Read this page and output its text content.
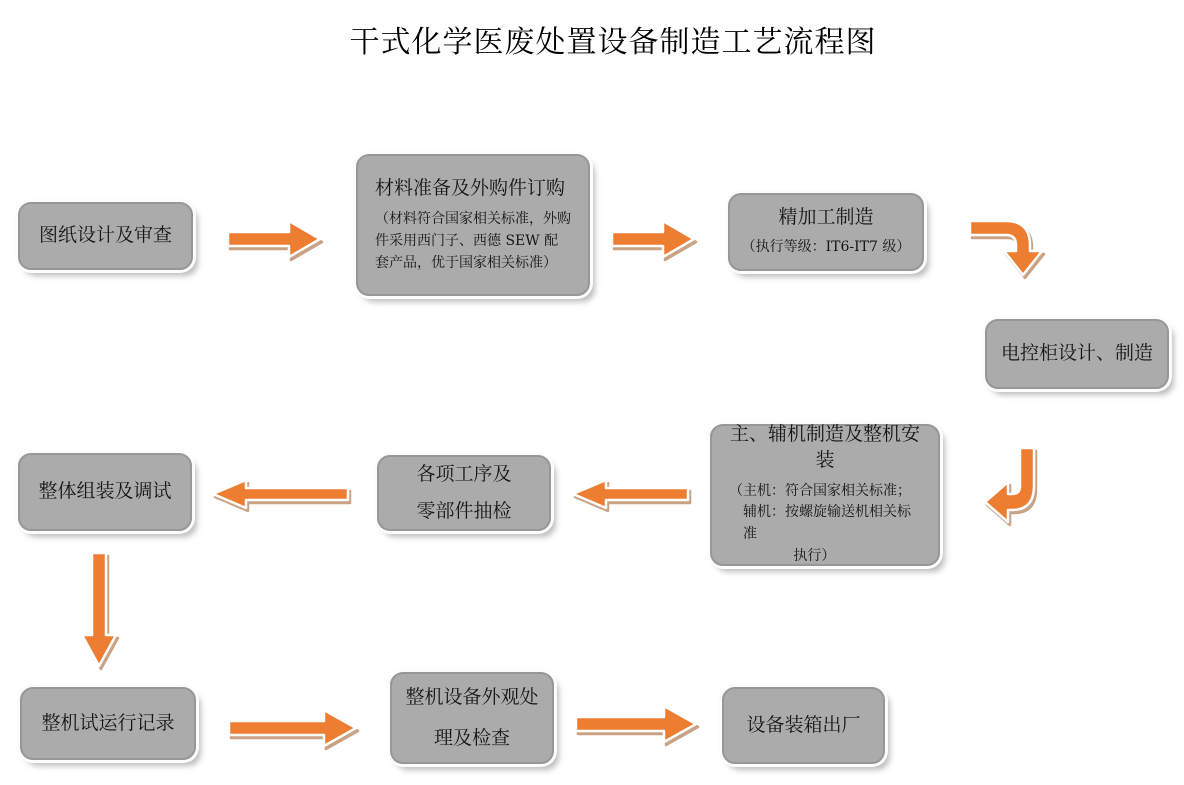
干式化学医废处置设备制造工艺流程图
图纸设计及审查
材料准备及外购件订购
（材料符合国家相关标准，外购件采用西门子、西德 SEW 配套产品，优于国家相关标准）
精加工制造
（执行等级：IT6-IT7 级）
电控柜设计、制造
主、辅机制造及整机安装
（主机：符合国家相关标准；
辅机：按螺旋输送机相关标准
执行）
各项工序及
零部件抽检
整体组装及调试
整机试运行记录
整机设备外观处
理及检查
设备装箱出厂
